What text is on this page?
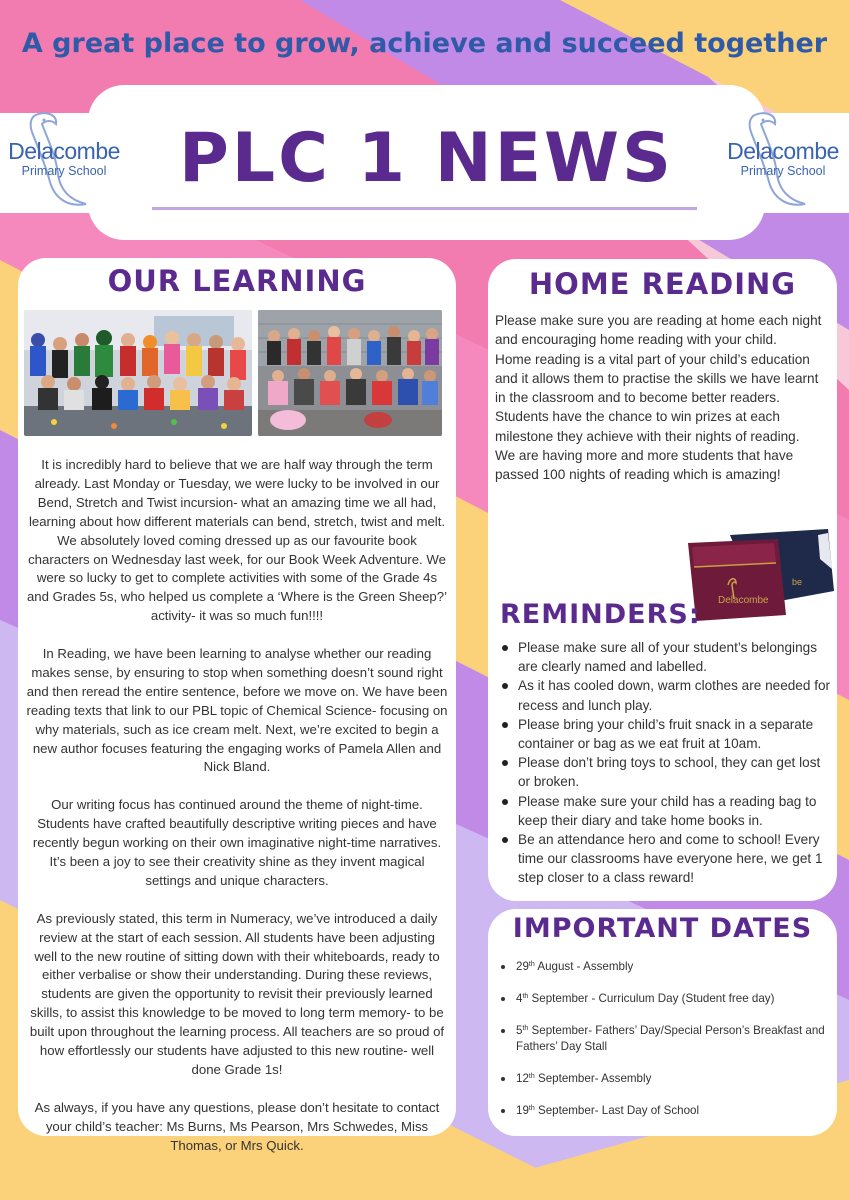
A great place to grow, achieve and succeed together
PLC 1 NEWS
Delacombe
Primary School
Delacombe
Primary School
OUR LEARNING

It is incredibly hard to believe that we are half way through the term already. Last Monday or Tuesday, we were lucky to be involved in our Bend, Stretch and Twist incursion- what an amazing time we all had, learning about how different materials can bend, stretch, twist and melt. We absolutely loved coming dressed up as our favourite book characters on Wednesday last week, for our Book Week Adventure. We were so lucky to get to complete activities with some of the Grade 4s and Grades 5s, who helped us complete a ‘Where is the Green Sheep?’ activity- it was so much fun!!!!

In Reading, we have been learning to analyse whether our reading makes sense, by ensuring to stop when something doesn’t sound right and then reread the entire sentence, before we move on. We have been reading texts that link to our PBL topic of Chemical Science- focusing on why materials, such as ice cream melt. Next, we’re excited to begin a new author focuses featuring the engaging works of Pamela Allen and Nick Bland.

Our writing focus has continued around the theme of night-time. Students have crafted beautifully descriptive writing pieces and have recently begun working on their own imaginative night-time narratives. It’s been a joy to see their creativity shine as they invent magical settings and unique characters.

As previously stated, this term in Numeracy, we’ve introduced a daily review at the start of each session. All students have been adjusting well to the new routine of sitting down with their whiteboards, ready to either verbalise or show their understanding. During these reviews, students are given the opportunity to revisit their previously learned skills, to assist this knowledge to be moved to long term memory- to be built upon throughout the learning process. All teachers are so proud of how effortlessly our students have adjusted to this new routine- well done Grade 1s!

As always, if you have any questions, please don’t hesitate to contact your child’s teacher: Ms Burns, Ms Pearson, Mrs Schwedes, Miss Thomas, or Mrs Quick.

HOME READING
Please make sure you are reading at home each night and encouraging home reading with your child.
Home reading is a vital part of your child’s education and it allows them to practise the skills we have learnt in the classroom and to become better readers. Students have the chance to win prizes at each milestone they achieve with their nights of reading.
We are having more and more students that have passed 100 nights of reading which is amazing!
Delacombe
be
REMINDERS:
Please make sure all of your student’s belongings are clearly named and labelled.
As it has cooled down, warm clothes are needed for recess and lunch play.
Please bring your child’s fruit snack in a separate container or bag as we eat fruit at 10am.
Please don’t bring toys to school, they can get lost or broken.
Please make sure your child has a reading bag to keep their diary and take home books in.
Be an attendance hero and come to school! Every time our classrooms have everyone here, we get 1 step closer to a class reward!
IMPORTANT DATES
29th August - Assembly
4th September - Curriculum Day (Student free day)
5th September- Fathers’ Day/Special Person’s Breakfast and Fathers’ Day Stall
12th September- Assembly
19th September- Last Day of School
